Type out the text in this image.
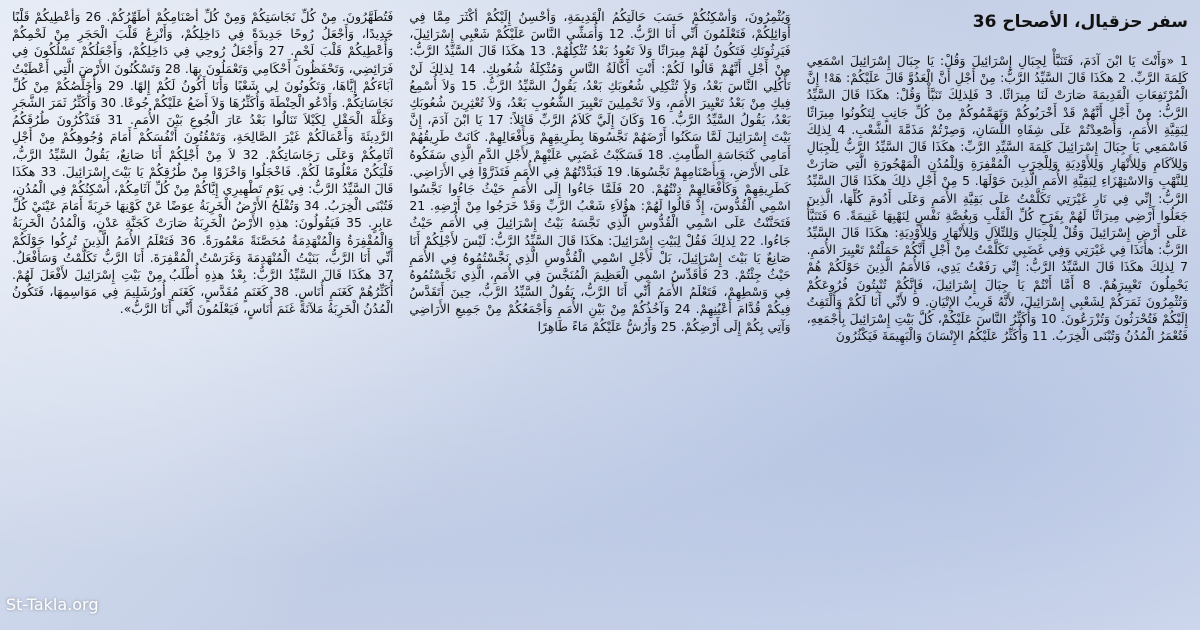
سفر حزقيال، الأصحاح 36
1 «وَأَنْتَ يَا ابْنَ آدَمَ، فَتَنَبَّأْ لِجِبَالِ إِسْرَائِيلَ وَقُلْ: يَا جِبَالَ إِسْرَائِيلَ اسْمَعِي كَلِمَةَ الرَّبِّ. 2 هكَذَا قَالَ السَّيِّدُ الرَّبُّ: مِنْ أَجْلِ أَنَّ الْعَدُوَّ قَالَ عَلَيْكُمْ: هَهْ! إِنَّ الْمُرْتَفِعَاتِ الْقَدِيمَةَ صَارَتْ لَنَا مِيرَاثًا. 3 فَلِذلِكَ تَنَبَّأْ وَقُلْ: هكَذَا قَالَ السَّيِّدُ الرَّبُّ: مِنْ أَجْلِ أَنَّهُمْ قَدْ أَخْرَبُوكُمْ وَتَهَمَّمُوكُمْ مِنْ كُلِّ جَانِبٍ لِتَكُونُوا مِيرَاثًا لِبَقِيَّةِ الأُمَمِ، وَأُصْعِدْتُمْ عَلَى شِفَاهِ اللِّسَانِ، وَصِرْتُمْ مَذَمَّةَ الشَّعْبِ. 4 لِذلِكَ فَاسْمَعِي يَا جِبَالَ إِسْرَائِيلَ كَلِمَةَ السَّيِّدِ الرَّبِّ: هكَذَا قَالَ السَّيِّدُ الرَّبُّ لِلْجِبَالِ وَلِلآكَامِ وَلِلأَنْهَارِ وَلِلأَوْدِيَةِ وَلِلْخِرَبِ الْمُقْفِرَةِ وَلِلْمُدُنِ الْمَهْجُورَةِ الَّتِي صَارَتْ لِلنَّهْبِ وَالاسْتِهْزَاءِ لِبَقِيَّةِ الأُمَمِ الَّذِينَ حَوْلَهَا. 5 مِنْ أَجْلِ ذلِكَ هكَذَا قَالَ السَّيِّدُ الرَّبُّ: إِنِّي فِي نَارِ غَيْرَتِي تَكَلَّمْتُ عَلَى بَقِيَّةِ الأُمَمِ وَعَلَى أَدُومَ كُلِّهَا، الَّذِينَ جَعَلُوا أَرْضِي مِيرَاثًا لَهُمْ بِفَرَحِ كُلِّ الْقَلْبِ وَبِغُصَّةِ نَفْسٍ لِنَهْبِهَا غَنِيمَةً. 6 فَتَنَبَّأْ عَلَى أَرْضِ إِسْرَائِيلَ وَقُلْ لِلْجِبَالِ وَلِلتِّلاَلِ وَلِلأَنْهَارِ وَلِلأَوْدِيَةِ: هكَذَا قَالَ السَّيِّدُ الرَّبُّ: هأَنَذَا فِي غَيْرَتِي وَفِي غَضَبِي تَكَلَّمْتُ مِنْ أَجْلِ أَنَّكُمْ حَمَلْتُمْ تَعْيِيرَ الأُمَمِ. 7 لِذلِكَ هكَذَا قَالَ السَّيِّدُ الرَّبُّ: إِنِّي رَفَعْتُ يَدِي، فَالأُمَمُ الَّذِينَ حَوْلَكُمْ هُمْ يَحْمِلُونَ تَعْيِيرَهُمْ. 8 أَمَّا أَنْتُمْ يَا جِبَالَ إِسْرَائِيلَ، فَإِنَّكُمْ تُنْبِتُونَ فُرُوعَكُمْ وَتُثْمِرُونَ ثَمَرَكُمْ لِشَعْبِي إِسْرَائِيلَ، لأَنَّهُ قَرِيبُ الإِتْيَانِ. 9 لأَنِّي أَنَا لَكُمْ وَأَلْتَفِتُ إِلَيْكُمْ فَتُحْرَثُونَ وَتُزْرَعُونَ. 10 وَأُكَثِّرُ النَّاسَ عَلَيْكُمْ، كُلَّ بَيْتِ إِسْرَائِيلَ بِأَجْمَعِهِ، فَتُعْمَرُ الْمُدُنُ وَتُبْنَى الْخِرَبُ. 11 وَأُكَثِّرُ عَلَيْكُمُ الإِنْسَانَ وَالْبَهِيمَةَ فَيَكْثُرُونَ
وَيُثْمِرُونَ، وَأُسْكِنُكُمْ حَسَبَ حَالَتِكُمُ الْقَدِيمَةِ، وَأُحْسِنُ إِلَيْكُمْ أَكْثَرَ مِمَّا فِي أَوَائِلِكُمْ، فَتَعْلَمُونَ أَنِّي أَنَا الرَّبُّ. 12 وَأُمَشِّي النَّاسَ عَلَيْكُمْ شَعْبِي إِسْرَائِيلَ، فَيَرِثُونَكِ فَتَكُونُ لَهُمْ مِيرَاثًا وَلاَ تَعُودُ بَعْدُ تُثْكِلُهُمْ. 13 هكَذَا قَالَ السَّيِّدُ الرَّبُّ: مِنْ أَجْلِ أَنَّهُمْ قَالُوا لَكُمْ: أَنْتِ أَكَّالَةُ النَّاسِ وَمُثْكِلَةُ شُعُوبِكِ. 14 لِذلِكَ لَنْ تَأْكُلِي النَّاسَ بَعْدُ، وَلاَ تُثْكِلِي شُعُوبَكِ بَعْدُ، يَقُولُ السَّيِّدُ الرَّبُّ. 15 وَلاَ أُسْمِعُ فِيكِ مِنْ بَعْدُ تَعْيِيرَ الأُمَمِ، وَلاَ تَحْمِلِينَ تَعْيِيرَ الشُّعُوبِ بَعْدُ، وَلاَ تُعْثِرِينَ شُعُوبَكِ بَعْدُ، يَقُولُ السَّيِّدُ الرَّبُّ. 16 وَكَانَ إِلَيَّ كَلاَمُ الرَّبِّ قَائِلاً: 17 يَا ابْنَ آدَمَ، إِنَّ بَيْتَ إِسْرَائِيلَ لَمَّا سَكَنُوا أَرْضَهُمْ نَجَّسُوهَا بِطَرِيقِهِمْ وَبِأَفْعَالِهِمْ. كَانَتْ طَرِيقُهُمْ أَمَامِي كَنَجَاسَةِ الطَّامِثِ. 18 فَسَكَبْتُ غَضَبِي عَلَيْهِمْ لأَجْلِ الدَّمِ الَّذِي سَفَكُوهُ عَلَى الأَرْضِ، وَبِأَصْنَامِهِمْ نَجَّسُوهَا. 19 فَبَدَّدْتُهُمْ فِي الأُمَمِ فَتَذَرَّوْا فِي الأَرَاضِي. كَطَرِيقِهِمْ وَكَأَفْعَالِهِمْ دِنْتُهُمْ. 20 فَلَمَّا جَاءُوا إِلَى الأُمَمِ حَيْثُ جَاءُوا نَجَّسُوا اسْمِي الْقُدُّوسَ، إِذْ قَالُوا لَهُمْ: هؤُلاَءِ شَعْبُ الرَّبِّ وَقَدْ خَرَجُوا مِنْ أَرْضِهِ. 21 فَتَحَنَّنْتُ عَلَى اسْمِي الْقُدُّوسِ الَّذِي نَجَّسَهُ بَيْتُ إِسْرَائِيلَ فِي الأُمَمِ حَيْثُ جَاءُوا. 22 لِذلِكَ فَقُلْ لِبَيْتِ إِسْرَائِيلَ: هكَذَا قَالَ السَّيِّدُ الرَّبُّ: لَيْسَ لأَجْلِكُمْ أَنَا صَانِعٌ يَا بَيْتَ إِسْرَائِيلَ، بَلْ لأَجْلِ اسْمِي الْقُدُّوسِ الَّذِي نَجَّسْتُمُوهُ فِي الأُمَمِ حَيْثُ جِئْتُمْ. 23 فَأُقَدِّسُ اسْمِي الْعَظِيمَ الْمُنَجَّسَ فِي الأُمَمِ، الَّذِي نَجَّسْتُمُوهُ فِي وَسْطِهِمْ، فَتَعْلَمُ الأُمَمُ أَنِّي أَنَا الرَّبُّ، يَقُولُ السَّيِّدُ الرَّبُّ، حِينَ أَتَقَدَّسُ فِيكُمْ قُدَّامَ أَعْيُنِهِمْ. 24 وَآخُذُكُمْ مِنْ بَيْنِ الأُمَمِ وَأَجْمَعُكُمْ مِنْ جَمِيعِ الأَرَاضِي وَآتِي بِكُمْ إِلَى أَرْضِكُمْ. 25 وَأَرُشُّ عَلَيْكُمْ مَاءً طَاهِرًا
فَتُطَهَّرُونَ. مِنْ كُلِّ نَجَاسَتِكُمْ وَمِنْ كُلِّ أَصْنَامِكُمْ أُطَهِّرُكُمْ. 26 وَأُعْطِيكُمْ قَلْبًا جَدِيدًا، وَأَجْعَلُ رُوحًا جَدِيدَةً فِي دَاخِلِكُمْ، وَأَنْزِعُ قَلْبَ الْحَجَرِ مِنْ لَحْمِكُمْ وَأُعْطِيكُمْ قَلْبَ لَحْمٍ. 27 وَأَجْعَلُ رُوحِي فِي دَاخِلِكُمْ، وَأَجْعَلُكُمْ تَسْلُكُونَ فِي فَرَائِضِي، وَتَحْفَظُونَ أَحْكَامِي وَتَعْمَلُونَ بِهَا. 28 وَتَسْكُنُونَ الأَرْضَ الَّتِي أَعْطَيْتُ آبَاءَكُمْ إِيَّاهَا، وَتَكُونُونَ لِي شَعْبًا وَأَنَا أَكُونُ لَكُمْ إِلهًا. 29 وَأُخَلِّصُكُمْ مِنْ كُلِّ نَجَاسَاتِكُمْ. وَأَدْعُو الْحِنْطَةَ وَأُكَثِّرُهَا وَلاَ أَضَعُ عَلَيْكُمْ جُوعًا. 30 وَأُكَثِّرُ ثَمَرَ الشَّجَرِ وَغَلَّةَ الْحَقْلِ لِكَيْلاَ تَنَالُوا بَعْدُ عَارَ الْجُوعِ بَيْنَ الأُمَمِ. 31 فَتَذْكُرُونَ طُرُقَكُمُ الرَّدِيئَةَ وَأَعْمَالَكُمْ غَيْرَ الصَّالِحَةِ، وَتَمْقُتُونَ أَنْفُسَكُمْ أَمَامَ وُجُوهِكُمْ مِنْ أَجْلِ آثَامِكُمْ وَعَلَى رَجَاسَاتِكُمْ. 32 لاَ مِنْ أَجْلِكُمْ أَنَا صَانِعٌ، يَقُولُ السَّيِّدُ الرَّبُّ، فَلْيَكُنْ مَعْلُومًا لَكُمْ. فَاخْجَلُوا وَاخْزَوْا مِنْ طُرُقِكُمْ يَا بَيْتَ إِسْرَائِيلَ. 33 هكَذَا قَالَ السَّيِّدُ الرَّبُّ: فِي يَوْمِ تَطْهِيرِي إِيَّاكُمْ مِنْ كُلِّ آثَامِكُمْ، أُسْكِنُكُمْ فِي الْمُدُنِ، فَتُبْنَى الْخِرَبُ. 34 وَتُفْلَحُ الأَرْضُ الْخَرِبَةُ عِوَضًا عَنْ كَوْنِهَا خَرِبَةً أَمَامَ عَيْنَيْ كُلِّ عَابِرٍ. 35 فَيَقُولُونَ: هذِهِ الأَرْضُ الْخَرِبَةُ صَارَتْ كَجَنَّةِ عَدْنٍ، وَالْمُدُنُ الْخَرِبَةُ وَالْمُقْفِرَةُ وَالْمُنْهَدِمَةُ مُحَصَّنَةً مَعْمُورَةً. 36 فَتَعْلَمُ الأُمَمُ الَّذِينَ تُرِكُوا حَوْلَكُمْ أَنِّي أَنَا الرَّبُّ، بَنَيْتُ الْمُنْهَدِمَةَ وَغَرَسْتُ الْمُقْفِرَةَ. أَنَا الرَّبُّ تَكَلَّمْتُ وَسَأَفْعَلُ. 37 هكَذَا قَالَ السَّيِّدُ الرَّبُّ: بِعْدُ هذِهِ أُطْلَبُ مِنْ بَيْتِ إِسْرَائِيلَ لأَفْعَلَ لَهُمْ. أُكَثِّرُهُمْ كَغَنَمِ أُنَاسٍ. 38 كَغَنَمٍ مُقَدَّسٍ، كَغَنَمِ أُورُشَلِيمَ فِي مَوَاسِمِهَا، فَتَكُونُ الْمُدُنُ الْخَرِبَةُ مَلآنَةً غَنَمَ أُنَاسٍ، فَيَعْلَمُونَ أَنِّي أَنَا الرَّبُّ».
St-Takla.org
